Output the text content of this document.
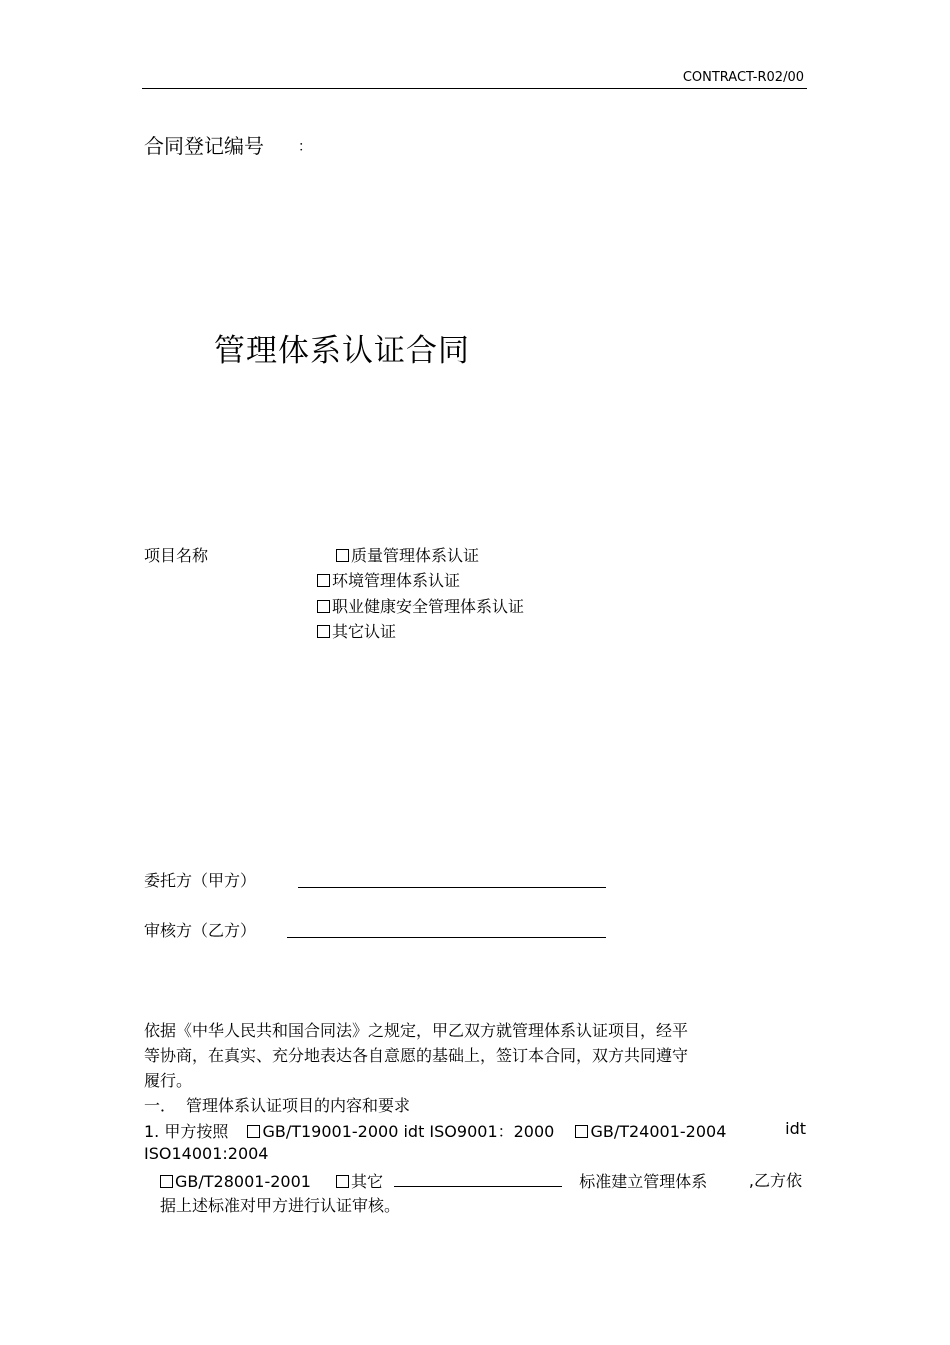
CONTRACT-R02/00
合同登记编号 ：
管理体系认证合同
项目名称	质量管理体系认证
环境管理体系认证
职业健康安全管理体系认证
其它认证
委托方（甲方）
审核方（乙方）
依据《中华人民共和国合同法》之规定，甲乙双方就管理体系认证项目，经平
等协商，在真实、充分地表达各自意愿的基础上，签订本合同，双方共同遵守
履行。
一． 管理体系认证项目的内容和要求
1. 甲方按照 GB/T19001-2000 idt ISO9001：2000 GB/T24001-2004	idt
ISO14001:2004
GB/T28001-2001	其它	标准建立管理体系	,乙方依
据上述标准对甲方进行认证审核。
